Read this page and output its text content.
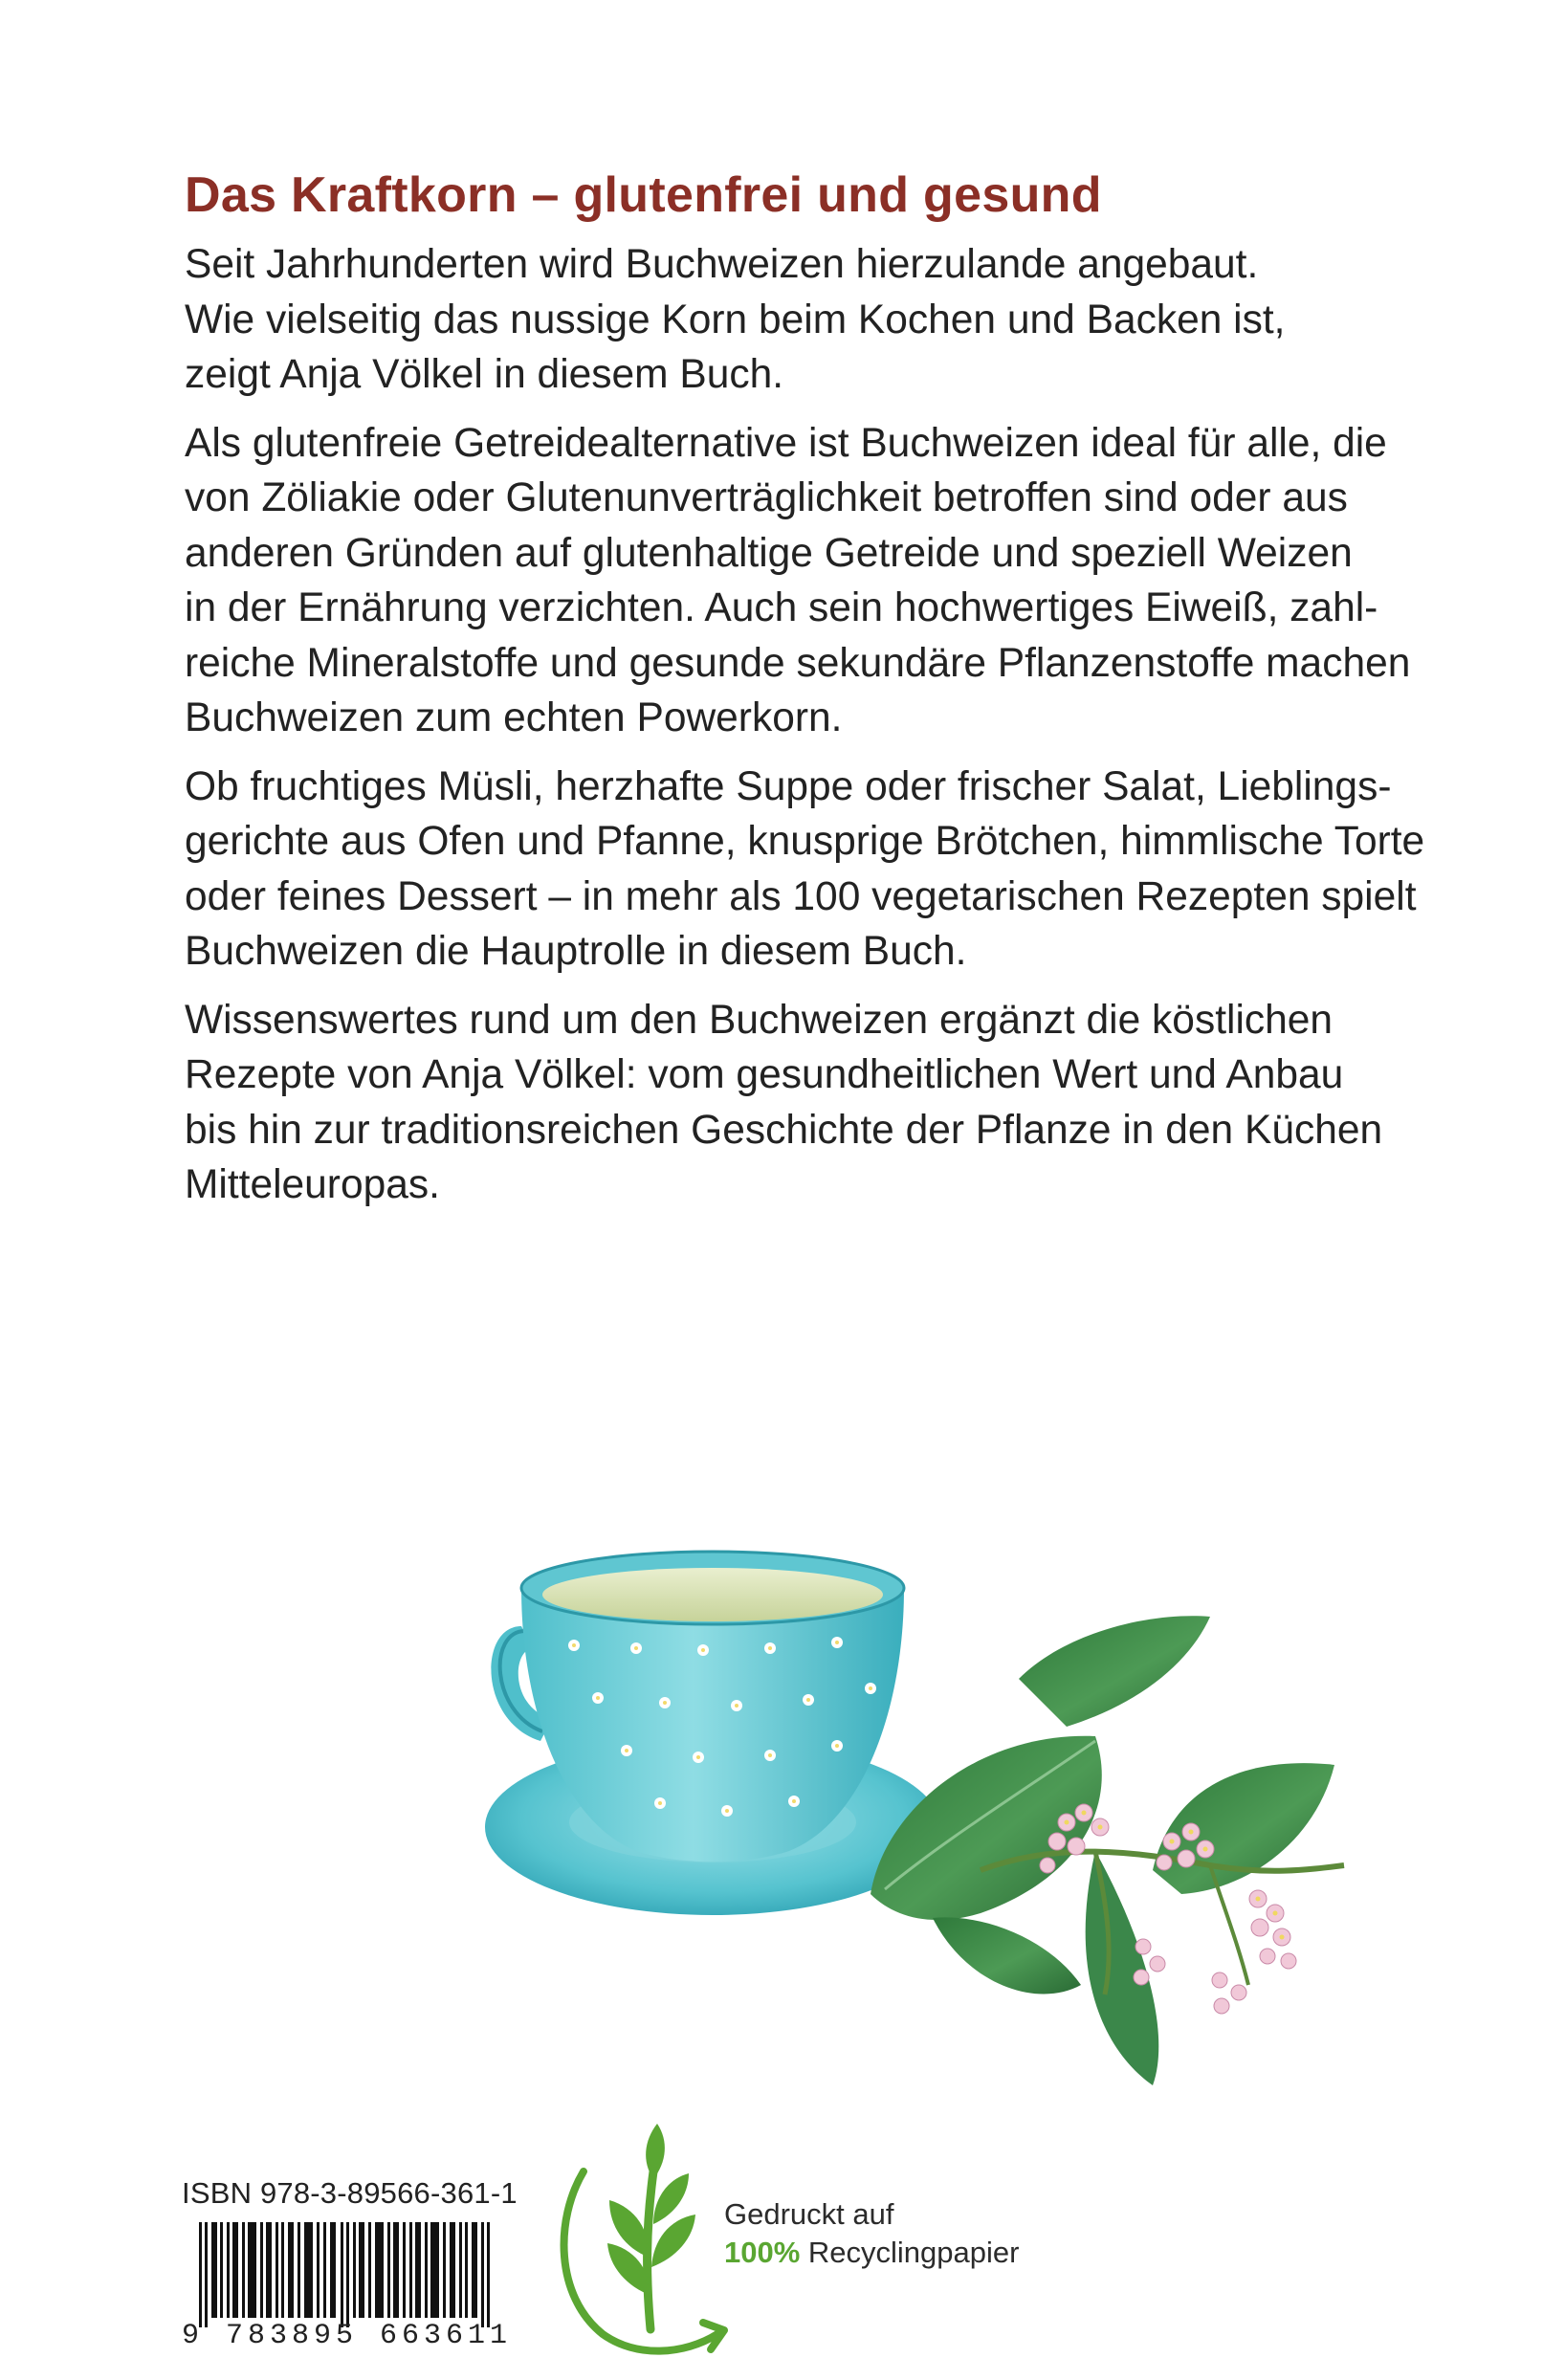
Das Kraftkorn – glutenfrei und gesund

Seit Jahrhunderten wird Buchweizen hierzulande angebaut.
Wie vielseitig das nussige Korn beim Kochen und Backen ist,
zeigt Anja Völkel in diesem Buch.

Als glutenfreie Getreidealternative ist Buchweizen ideal für alle, die
von Zöliakie oder Glutenunverträglichkeit betroffen sind oder aus
anderen Gründen auf glutenhaltige Getreide und speziell Weizen
in der Ernährung verzichten. Auch sein hochwertiges Eiweiß, zahl-
reiche Mineralstoffe und gesunde sekundäre Pflanzenstoffe machen
Buchweizen zum echten Powerkorn.

Ob fruchtiges Müsli, herzhafte Suppe oder frischer Salat, Lieblings-
gerichte aus Ofen und Pfanne, knusprige Brötchen, himmlische Torte
oder feines Dessert – in mehr als 100 vegetarischen Rezepten spielt
Buchweizen die Hauptrolle in diesem Buch.

Wissenswertes rund um den Buchweizen ergänzt die köstlichen
Rezepte von Anja Völkel: vom gesundheitlichen Wert und Anbau
bis hin zur traditionsreichen Geschichte der Pflanze in den Küchen
Mitteleuropas.

ISBN 978-3-89566-361-1
9 783895 663611
Gedruckt auf
100% Recyclingpapier
